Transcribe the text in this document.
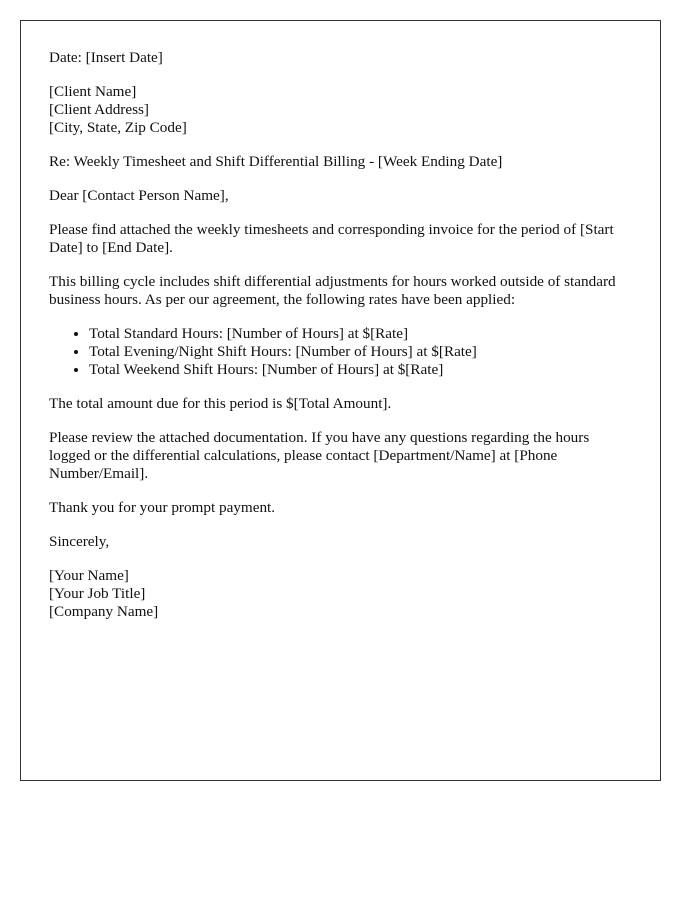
Date: [Insert Date]

[Client Name]
[Client Address]
[City, State, Zip Code]

Re: Weekly Timesheet and Shift Differential Billing - [Week Ending Date]

Dear [Contact Person Name],

Please find attached the weekly timesheets and corresponding invoice for the period of [Start Date] to [End Date].

This billing cycle includes shift differential adjustments for hours worked outside of standard business hours. As per our agreement, the following rates have been applied:

• Total Standard Hours: [Number of Hours] at $[Rate]
• Total Evening/Night Shift Hours: [Number of Hours] at $[Rate]
• Total Weekend Shift Hours: [Number of Hours] at $[Rate]

The total amount due for this period is $[Total Amount].

Please review the attached documentation. If you have any questions regarding the hours logged or the differential calculations, please contact [Department/Name] at [Phone Number/Email].

Thank you for your prompt payment.

Sincerely,

[Your Name]
[Your Job Title]
[Company Name]
